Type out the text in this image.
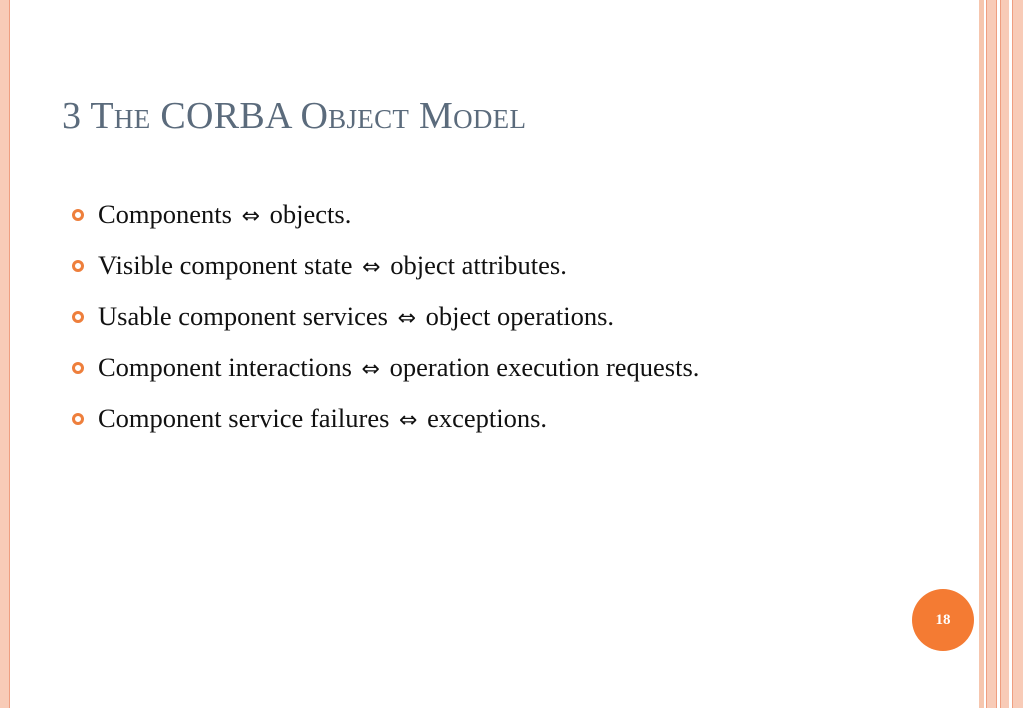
3 The CORBA Object Model
Components ⇔ objects.
Visible component state ⇔ object attributes.
Usable component services ⇔ object operations.
Component interactions ⇔ operation execution requests.
Component service failures ⇔ exceptions.
18
